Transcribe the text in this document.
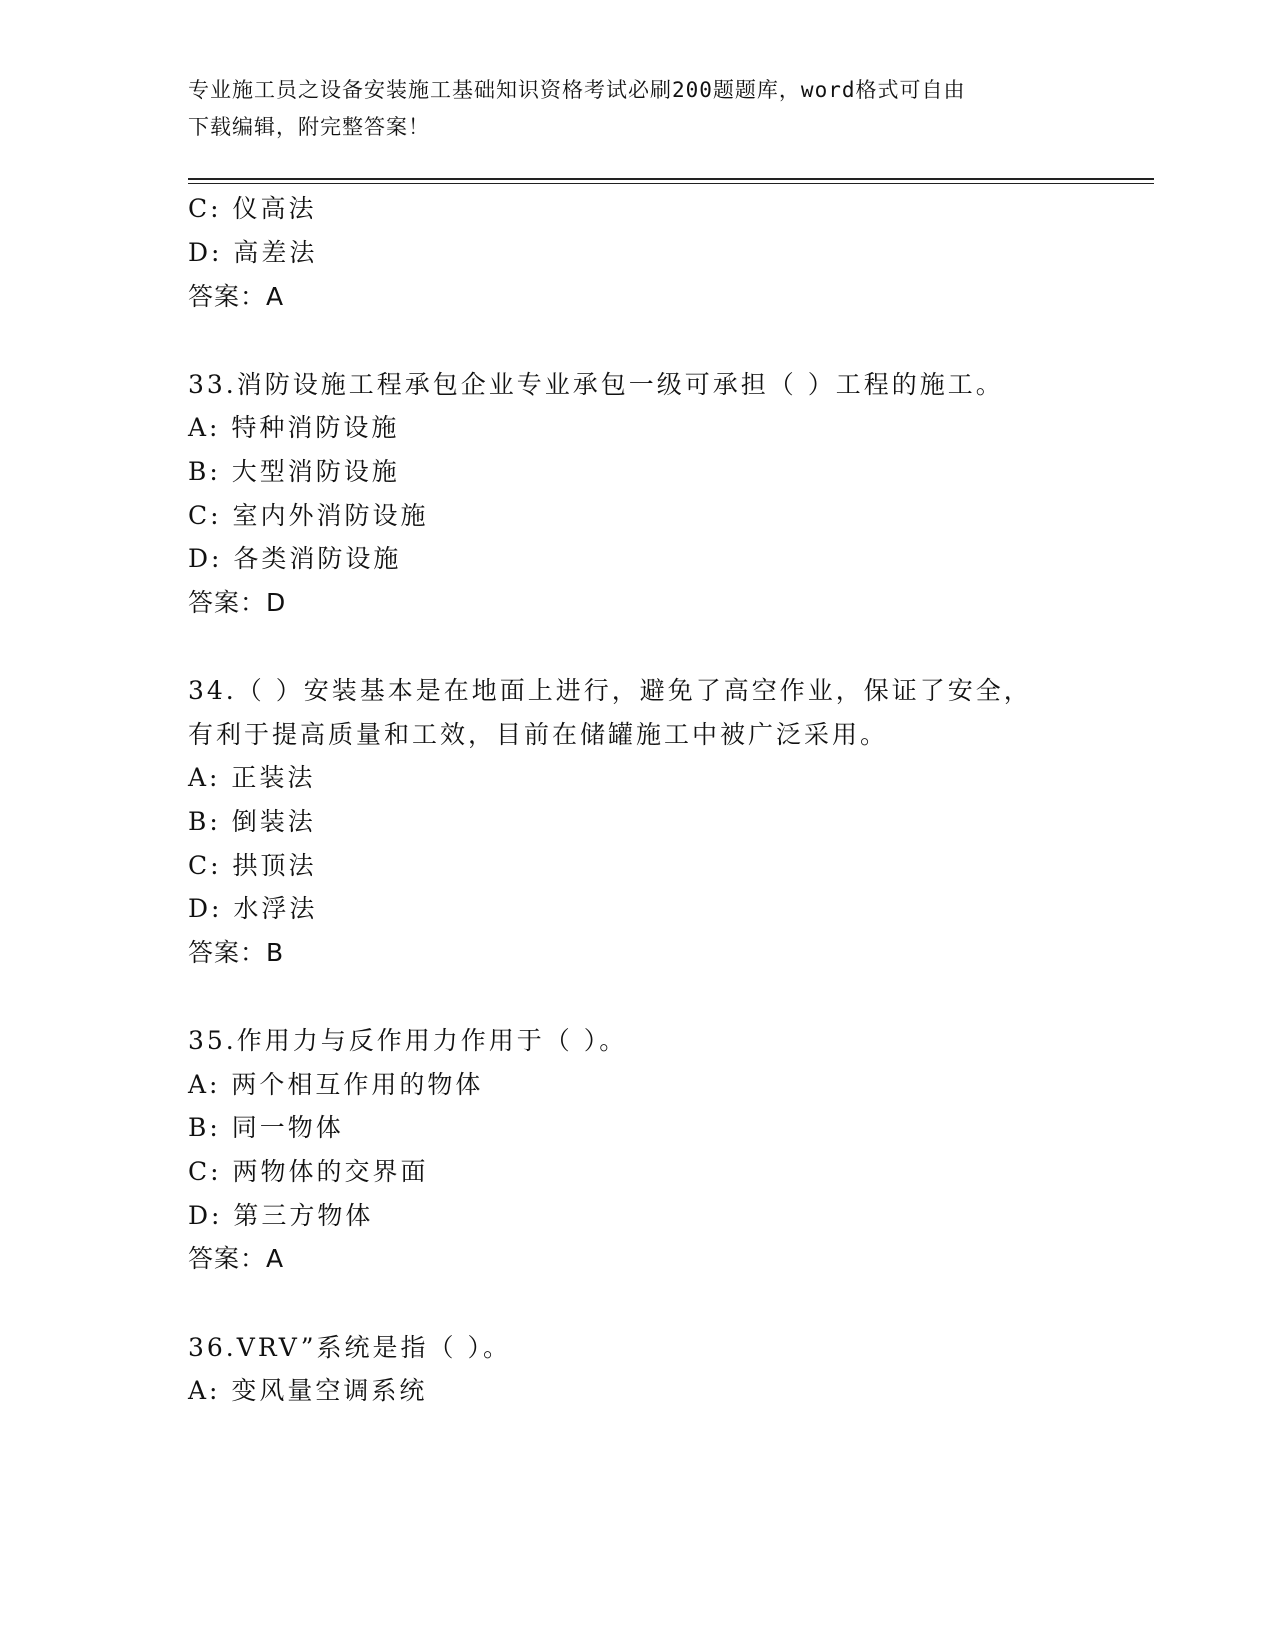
专业施工员之设备安装施工基础知识资格考试必刷200题题库，word格式可自由
下载编辑，附完整答案！
C: 仪高法
D: 高差法
答案：A
33.消防设施工程承包企业专业承包一级可承担（ ）工程的施工。
A: 特种消防设施
B: 大型消防设施
C: 室内外消防设施
D: 各类消防设施
答案：D
34.（ ）安装基本是在地面上进行，避免了高空作业，保证了安全，
有利于提高质量和工效，目前在储罐施工中被广泛采用。
A: 正装法
B: 倒装法
C: 拱顶法
D: 水浮法
答案：B
35.作用力与反作用力作用于（ ）。
A: 两个相互作用的物体
B: 同一物体
C: 两物体的交界面
D: 第三方物体
答案：A
36.VRV”系统是指（ ）。
A: 变风量空调系统
